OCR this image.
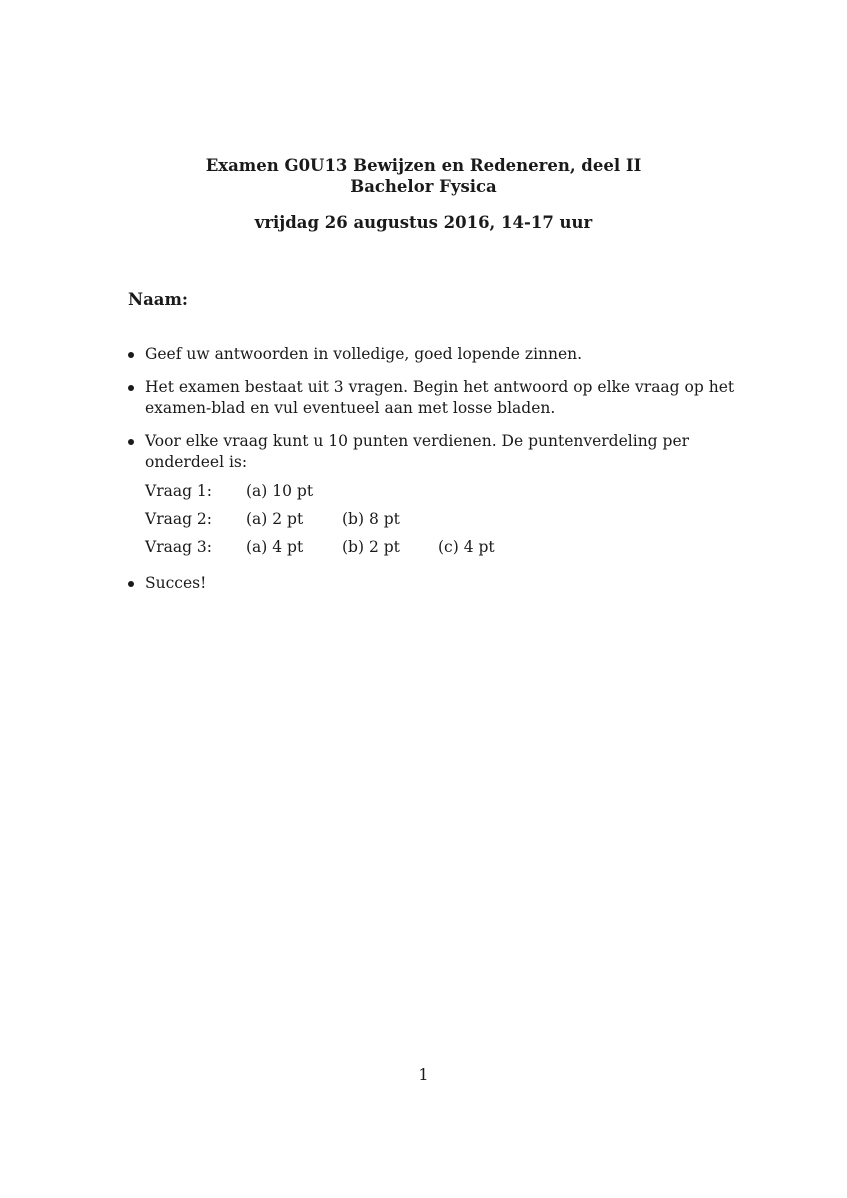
Examen G0U13 Bewijzen en Redeneren, deel II
Bachelor Fysica
vrijdag 26 augustus 2016, 14-17 uur
Naam:
Geef uw antwoorden in volledige, goed lopende zinnen.
Het examen bestaat uit 3 vragen. Begin het antwoord op elke vraag op het examen-blad en vul eventueel aan met losse bladen.
Voor elke vraag kunt u 10 punten verdienen. De puntenverdeling per onderdeel is:
Vraag 1:	(a) 10 pt
Vraag 2:	(a) 2 pt	(b) 8 pt
Vraag 3:	(a) 4 pt	(b) 2 pt	(c) 4 pt
Succes!
1
